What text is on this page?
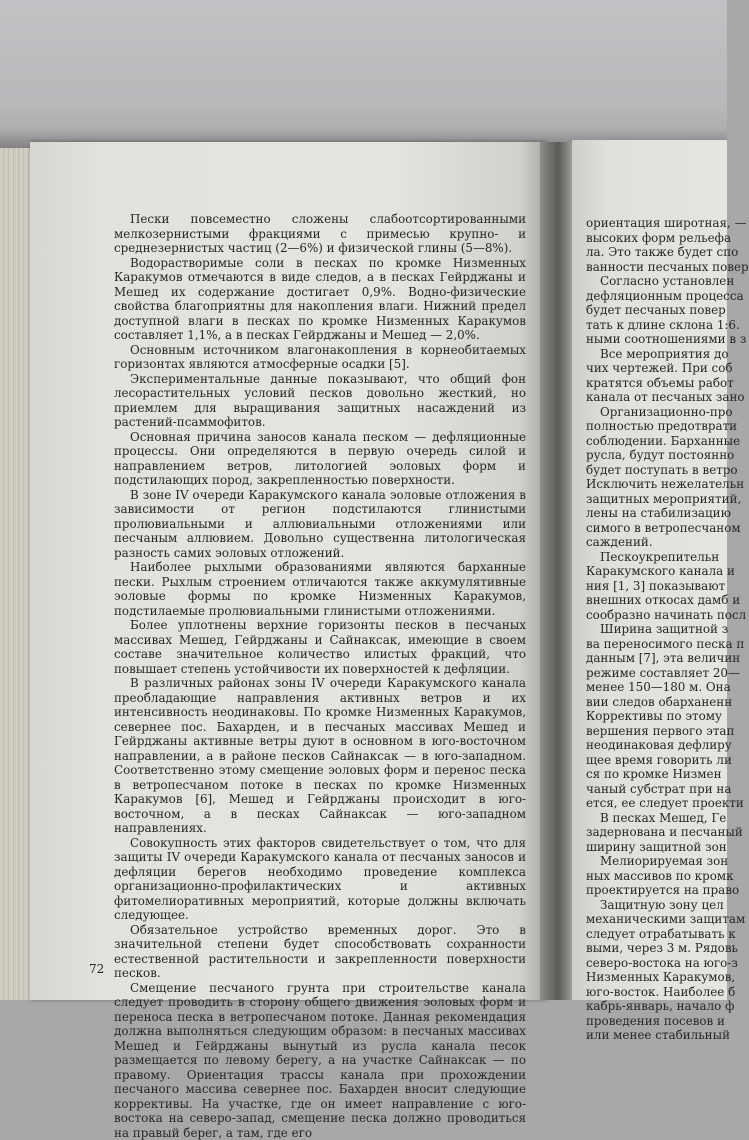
Пески повсеместно сложены слабоотсортированными мелкозернистыми фракциями с примесью крупно- и среднезернистых частиц (2—6%) и физической глины (5—8%).

Водорастворимые соли в песках по кромке Низменных Каракумов отмечаются в виде следов, а в песках Гейрджаны и Мешед их содержание достигает 0,9%. Водно-физические свойства благоприятны для накопления влаги. Нижний предел доступной влаги в песках по кромке Низменных Каракумов составляет 1,1%, а в песках Гейрджаны и Мешед — 2,0%.

Основным источником влагонакопления в корнеобитаемых горизонтах являются атмосферные осадки [5].

Экспериментальные данные показывают, что общий фон лесорастительных условий песков довольно жесткий, но приемлем для выращивания защитных насаждений из растений-псаммофитов.

Основная причина заносов канала песком — дефляционные процессы. Они определяются в первую очередь силой и направлением ветров, литологией эоловых форм и подстилающих пород, закрепленностью поверхности.

В зоне IV очереди Каракумского канала эоловые отложения в зависимости от регион подстилаются глинистыми пролювиальными и аллювиальными отложениями или песчаным аллювием. Довольно существенна литологическая разность самих эоловых отложений.

Наиболее рыхлыми образованиями являются барханные пески. Рыхлым строением отличаются также аккумулятивные эоловые формы по кромке Низменных Каракумов, подстилаемые пролювиальными глинистыми отложениями.

Более уплотнены верхние горизонты песков в песчаных массивах Мешед, Гейрджаны и Сайнаксак, имеющие в своем составе значительное количество илистых фракций, что повышает степень устойчивости их поверхностей к дефляции.

В различных районах зоны IV очереди Каракумского канала преобладающие направления активных ветров и их интенсивность неодинаковы. По кромке Низменных Каракумов, севернее пос. Бахарден, и в песчаных массивах Мешед и Гейрджаны активные ветры дуют в основном в юго-восточном направлении, а в районе песков Сайнаксак — в юго-западном. Соответственно этому смещение эоловых форм и перенос песка в ветропесчаном потоке в песках по кромке Низменных Каракумов [6], Мешед и Гейрджаны происходит в юго-восточном, а в песках Сайнаксак — юго-западном направлениях.

Совокупность этих факторов свидетельствует о том, что для защиты IV очереди Каракумского канала от песчаных заносов и дефляции берегов необходимо проведение комплекса организационно-профилактических и активных фитомелиоративных мероприятий, которые должны включать следующее.

Обязательное устройство временных дорог. Это в значительной степени будет способствовать сохранности естественной растительности и закрепленности поверхности песков.

Смещение песчаного грунта при строительстве канала следует проводить в сторону общего движения эоловых форм и переноса песка в ветропесчаном потоке. Данная рекомендация должна выполняться следующим образом: в песчаных массивах Мешед и Гейрджаны вынутый из русла канала песок размещается по левому берегу, а на участке Сайнаксак — по правому. Ориентация трассы канала при прохождении песчаного массива севернее пос. Бахарден вносит следующие коррективы. На участке, где он имеет направление с юго-востока на северо-запад, смещение песка должно проводиться на правый берег, а там, где его

72
ориентация широтная, —
высоких форм рельефа
ла. Это также будет спо
ванности песчаных повер
Согласно установлен
дефляционным процесса
будет песчаных повер
тать к длине склона 1:6.
ными соотношениями в з
Все мероприятия до
чих чертежей. При соб
кратятся объемы работ
канала от песчаных зано
Организационно-про
полностью предотврати
соблюдении. Барханные
русла, будут постоянно
будет поступать в ветро
Исключить нежелательн
защитных мероприятий,
лены на стабилизацию
симого в ветропесчаном
саждений.
Пескоукрепительн
Каракумского канала и
ния [1, 3] показывают
внешних откосах дамб и
сообразно начинать посл
Ширина защитной з
ва переносимого песка п
данным [7], эта величин
режиме составляет 20—
менее 150—180 м. Она
вии следов обарханенн
Коррективы по этому
вершения первого этап
неодинаковая дефлиру
щее время говорить ли
ся по кромке Низмен
чаный субстрат при на
ется, ее следует проекти
В песках Мешед, Ге
задернована и песчаный
ширину защитной зон
Мелиорируемая зон
ных массивов по кромк
проектируется на право
Защитную зону цел
механическими защитам
следует отрабатывать к
выми, через 3 м. Рядовь
северо-востока на юго-з
Низменных Каракумов,
юго-восток. Наиболее б
кабрь-январь, начало ф
проведения посевов и
или менее стабильный
